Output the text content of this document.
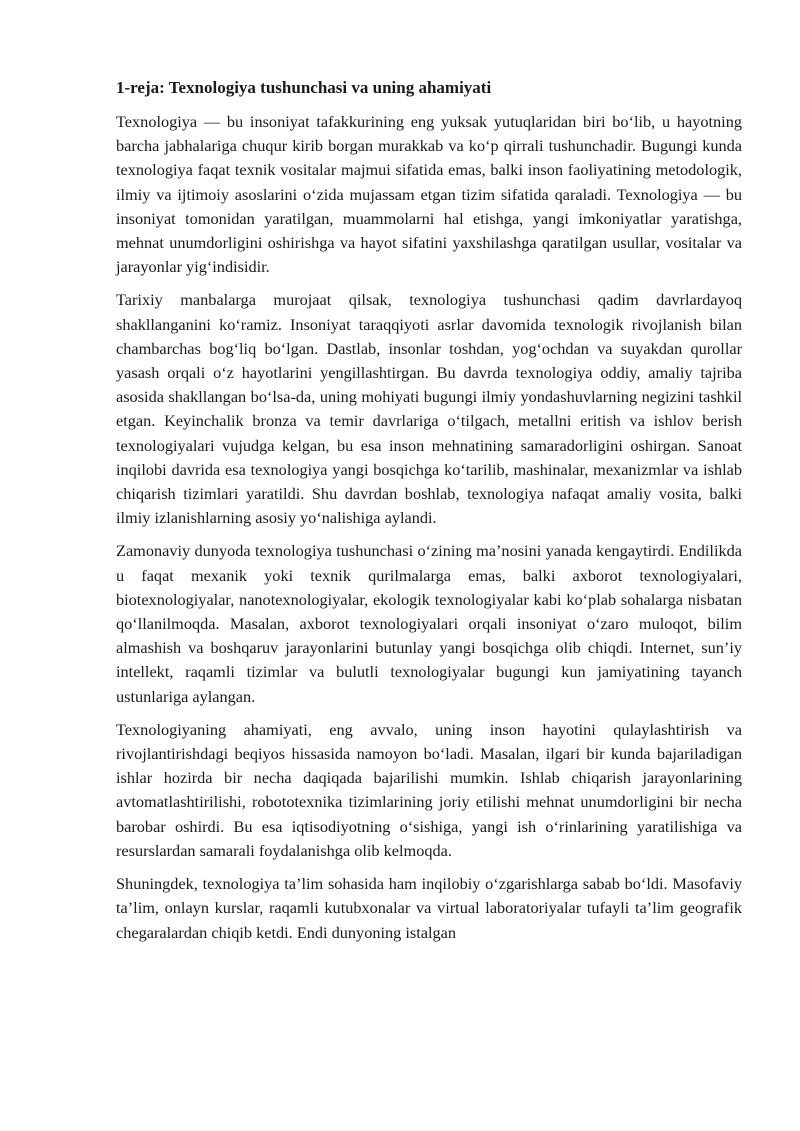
1-reja: Texnologiya tushunchasi va uning ahamiyati

Texnologiya — bu insoniyat tafakkurining eng yuksak yutuqlaridan biri bo‘lib, u hayotning barcha jabhalariga chuqur kirib borgan murakkab va ko‘p qirrali tushunchadir. Bugungi kunda texnologiya faqat texnik vositalar majmui sifatida emas, balki inson faoliyatining metodologik, ilmiy va ijtimoiy asoslarini o‘zida mujassam etgan tizim sifatida qaraladi. Texnologiya — bu insoniyat tomonidan yaratilgan, muammolarni hal etishga, yangi imkoniyatlar yaratishga, mehnat unumdorligini oshirishga va hayot sifatini yaxshilashga qaratilgan usullar, vositalar va jarayonlar yig‘indisidir.

Tarixiy manbalarga murojaat qilsak, texnologiya tushunchasi qadim davrlardayoq shakllanganini ko‘ramiz. Insoniyat taraqqiyoti asrlar davomida texnologik rivojlanish bilan chambarchas bog‘liq bo‘lgan. Dastlab, insonlar toshdan, yog‘ochdan va suyakdan qurollar yasash orqali o‘z hayotlarini yengillashtirgan. Bu davrda texnologiya oddiy, amaliy tajriba asosida shakllangan bo‘lsa-da, uning mohiyati bugungi ilmiy yondashuvlarning negizini tashkil etgan. Keyinchalik bronza va temir davrlariga o‘tilgach, metallni eritish va ishlov berish texnologiyalari vujudga kelgan, bu esa inson mehnatining samaradorligini oshirgan. Sanoat inqilobi davrida esa texnologiya yangi bosqichga ko‘tarilib, mashinalar, mexanizmlar va ishlab chiqarish tizimlari yaratildi. Shu davrdan boshlab, texnologiya nafaqat amaliy vosita, balki ilmiy izlanishlarning asosiy yo‘nalishiga aylandi.

Zamonaviy dunyoda texnologiya tushunchasi o‘zining ma’nosini yanada kengaytirdi. Endilikda u faqat mexanik yoki texnik qurilmalarga emas, balki axborot texnologiyalari, biotexnologiyalar, nanotexnologiyalar, ekologik texnologiyalar kabi ko‘plab sohalarga nisbatan qo‘llanilmoqda. Masalan, axborot texnologiyalari orqali insoniyat o‘zaro muloqot, bilim almashish va boshqaruv jarayonlarini butunlay yangi bosqichga olib chiqdi. Internet, sun’iy intellekt, raqamli tizimlar va bulutli texnologiyalar bugungi kun jamiyatining tayanch ustunlariga aylangan.

Texnologiyaning ahamiyati, eng avvalo, uning inson hayotini qulaylashtirish va rivojlantirishdagi beqiyos hissasida namoyon bo‘ladi. Masalan, ilgari bir kunda bajariladigan ishlar hozirda bir necha daqiqada bajarilishi mumkin. Ishlab chiqarish jarayonlarining avtomatlashtirilishi, robototexnika tizimlarining joriy etilishi mehnat unumdorligini bir necha barobar oshirdi. Bu esa iqtisodiyotning o‘sishiga, yangi ish o‘rinlarining yaratilishiga va resurslardan samarali foydalanishga olib kelmoqda.

Shuningdek, texnologiya ta’lim sohasida ham inqilobiy o‘zgarishlarga sabab bo‘ldi. Masofaviy ta’lim, onlayn kurslar, raqamli kutubxonalar va virtual laboratoriyalar tufayli ta’lim geografik chegaralardan chiqib ketdi. Endi dunyoning istalgan
